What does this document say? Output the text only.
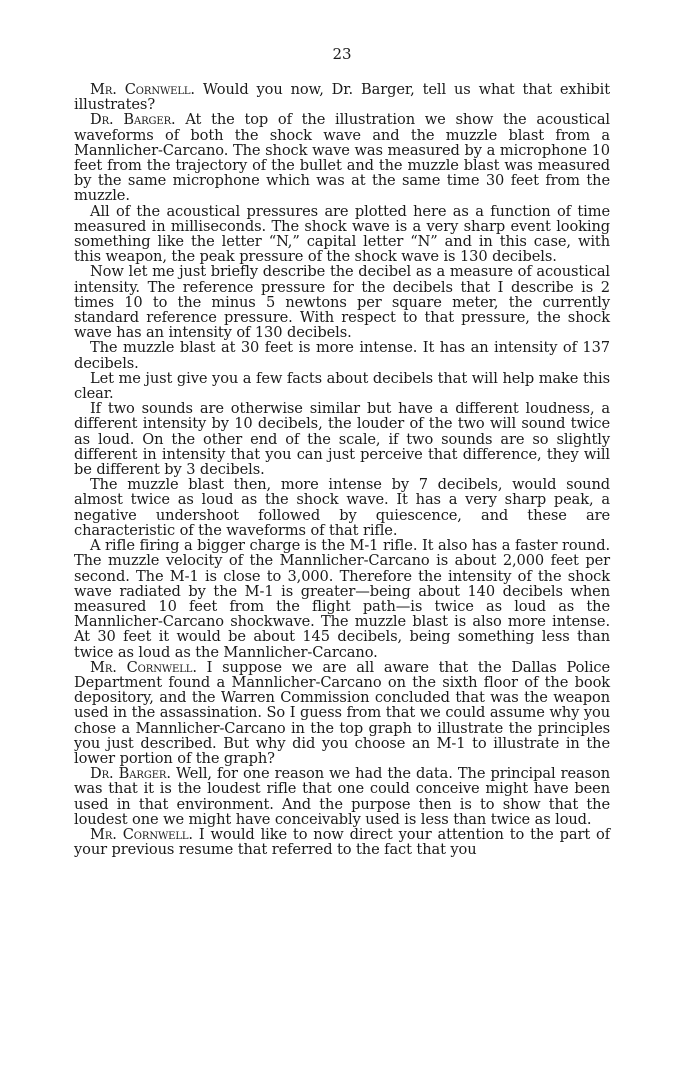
23

Mr. Cornwell. Would you now, Dr. Barger, tell us what that exhibit illustrates?

Dr. Barger. At the top of the illustration we show the acoustical waveforms of both the shock wave and the muzzle blast from a Mannlicher-Carcano. The shock wave was measured by a microphone 10 feet from the trajectory of the bullet and the muzzle blast was measured by the same microphone which was at the same time 30 feet from the muzzle.

All of the acoustical pressures are plotted here as a function of time measured in milliseconds. The shock wave is a very sharp event looking something like the letter “N,” capital letter “N” and in this case, with this weapon, the peak pressure of the shock wave is 130 decibels.

Now let me just briefly describe the decibel as a measure of acoustical intensity. The reference pressure for the decibels that I describe is 2 times 10 to the minus 5 newtons per square meter, the currently standard reference pressure. With respect to that pressure, the shock wave has an intensity of 130 decibels.

The muzzle blast at 30 feet is more intense. It has an intensity of 137 decibels.

Let me just give you a few facts about decibels that will help make this clear.

If two sounds are otherwise similar but have a different loudness, a different intensity by 10 decibels, the louder of the two will sound twice as loud. On the other end of the scale, if two sounds are so slightly different in intensity that you can just perceive that difference, they will be different by 3 decibels.

The muzzle blast then, more intense by 7 decibels, would sound almost twice as loud as the shock wave. It has a very sharp peak, a negative undershoot followed by quiescence, and these are characteristic of the waveforms of that rifle.

A rifle firing a bigger charge is the M-1 rifle. It also has a faster round. The muzzle velocity of the Mannlicher-Carcano is about 2,000 feet per second. The M-1 is close to 3,000. Therefore the intensity of the shock wave radiated by the M-1 is greater—being about 140 decibels when measured 10 feet from the flight path—is twice as loud as the Mannlicher-Carcano shockwave. The muzzle blast is also more intense. At 30 feet it would be about 145 decibels, being something less than twice as loud as the Mannlicher-Carcano.

Mr. Cornwell. I suppose we are all aware that the Dallas Police Department found a Mannlicher-Carcano on the sixth floor of the book depository, and the Warren Commission concluded that was the weapon used in the assassination. So I guess from that we could assume why you chose a Mannlicher-Carcano in the top graph to illustrate the principles you just described. But why did you choose an M-1 to illustrate in the lower portion of the graph?

Dr. Barger. Well, for one reason we had the data. The principal reason was that it is the loudest rifle that one could conceive might have been used in that environment. And the purpose then is to show that the loudest one we might have conceivably used is less than twice as loud.

Mr. Cornwell. I would like to now direct your attention to the part of your previous resume that referred to the fact that you
